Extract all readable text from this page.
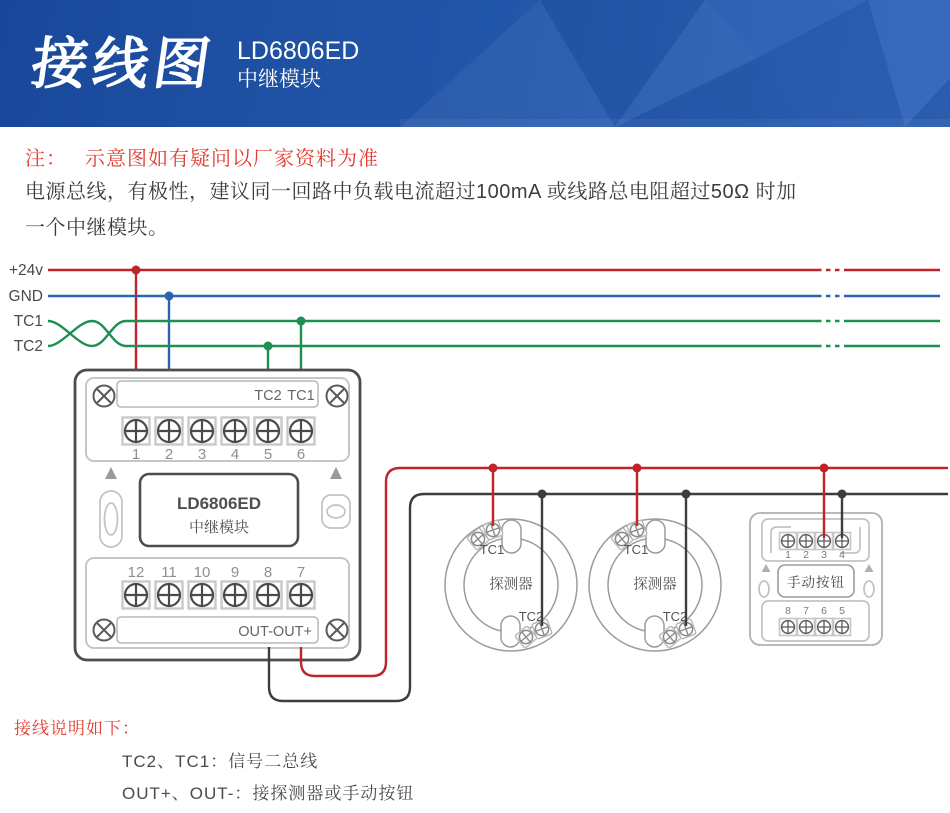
接线图 LD6806ED
中继模块
注： 示意图如有疑问以厂家资料为准
电源总线，有极性，建议同一回路中负载电流超过100mA 或线路总电阻超过50Ω 时加
一个中继模块。
+24v
GND
TC1
TC2
TC2 TC1
1 2 3 4 5 6
LD6806ED
中继模块
12 11 10 9 8 7
OUT-OUT+
TC1
探测器
TC2
TC1
探测器
TC2
1 2 3 4
手动按钮
8 7 6 5
接线说明如下：
TC2、TC1：信号二总线
OUT+、OUT-：接探测器或手动按钮
